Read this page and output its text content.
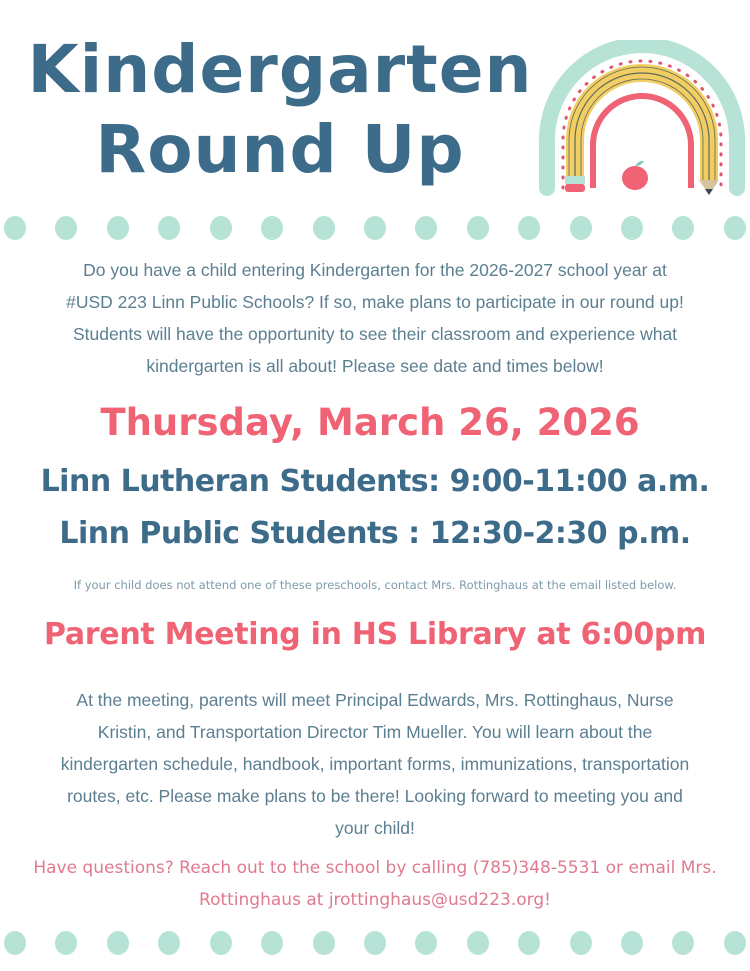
Kindergarten
Round Up
Do you have a child entering Kindergarten for the 2026-2027 school year at
#USD 223 Linn Public Schools? If so, make plans to participate in our round up!
Students will have the opportunity to see their classroom and experience what
kindergarten is all about! Please see date and times below!
Thursday, March 26, 2026
Linn Lutheran Students: 9:00-11:00 a.m.
Linn Public Students : 12:30-2:30 p.m.
If your child does not attend one of these preschools, contact Mrs. Rottinghaus at the email listed below.
Parent Meeting in HS Library at 6:00pm
At the meeting, parents will meet Principal Edwards, Mrs. Rottinghaus, Nurse
Kristin, and Transportation Director Tim Mueller. You will learn about the
kindergarten schedule, handbook, important forms, immunizations, transportation
routes, etc. Please make plans to be there! Looking forward to meeting you and
your child!
Have questions? Reach out to the school by calling (785)348-5531 or email Mrs.
Rottinghaus at jrottinghaus@usd223.org!
